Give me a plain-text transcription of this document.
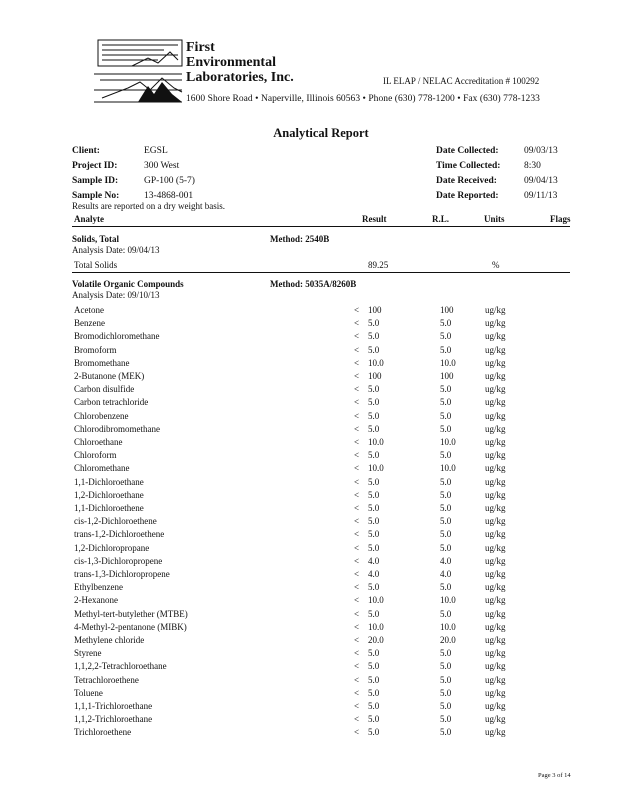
First
Environmental
Laboratories, Inc.	IL ELAP / NELAC Accreditation # 100292
1600 Shore Road • Naperville, Illinois 60563 • Phone (630) 778-1200 • Fax (630) 778-1233
Analytical Report
Client:	EGSL
Project ID:	300 West
Sample ID:	GP-100 (5-7)
Sample No:	13-4868-001
Date Collected:	09/03/13
Time Collected: 8:30
Date Received:	09/04/13
Date Reported:	09/11/13
Results are reported on a dry weight basis.
Analyte	Result	R.L.	Units	Flags
Solids, Total	Method: 2540B
Analysis Date: 09/04/13
Total Solids	89.25	%
Volatile Organic Compounds	Method: 5035A/8260B
Analysis Date: 09/10/13
Acetone	< 100	100	ug/kg
Benzene	< 5.0	5.0	ug/kg
Bromodichloromethane	< 5.0	5.0	ug/kg
Bromoform	< 5.0	5.0	ug/kg
Bromomethane	< 10.0	10.0	ug/kg
2-Butanone (MEK)	< 100	100	ug/kg
Carbon disulfide	< 5.0	5.0	ug/kg
Carbon tetrachloride	< 5.0	5.0	ug/kg
Chlorobenzene	< 5.0	5.0	ug/kg
Chlorodibromomethane	< 5.0	5.0	ug/kg
Chloroethane	< 10.0	10.0	ug/kg
Chloroform	< 5.0	5.0	ug/kg
Chloromethane	< 10.0	10.0	ug/kg
1,1-Dichloroethane	< 5.0	5.0	ug/kg
1,2-Dichloroethane	< 5.0	5.0	ug/kg
1,1-Dichloroethene	< 5.0	5.0	ug/kg
cis-1,2-Dichloroethene	< 5.0	5.0	ug/kg
trans-1,2-Dichloroethene	< 5.0	5.0	ug/kg
1,2-Dichloropropane	< 5.0	5.0	ug/kg
cis-1,3-Dichloropropene	< 4.0	4.0	ug/kg
trans-1,3-Dichloropropene	< 4.0	4.0	ug/kg
Ethylbenzene	< 5.0	5.0	ug/kg
2-Hexanone	< 10.0	10.0	ug/kg
Methyl-tert-butylether (MTBE)	< 5.0	5.0	ug/kg
4-Methyl-2-pentanone (MIBK)	< 10.0	10.0	ug/kg
Methylene chloride	< 20.0	20.0	ug/kg
Styrene	< 5.0	5.0	ug/kg
1,1,2,2-Tetrachloroethane	< 5.0	5.0	ug/kg
Tetrachloroethene	< 5.0	5.0	ug/kg
Toluene	< 5.0	5.0	ug/kg
1,1,1-Trichloroethane	< 5.0	5.0	ug/kg
1,1,2-Trichloroethane	< 5.0	5.0	ug/kg
Trichloroethene	< 5.0	5.0	ug/kg
Page 3 of 14
